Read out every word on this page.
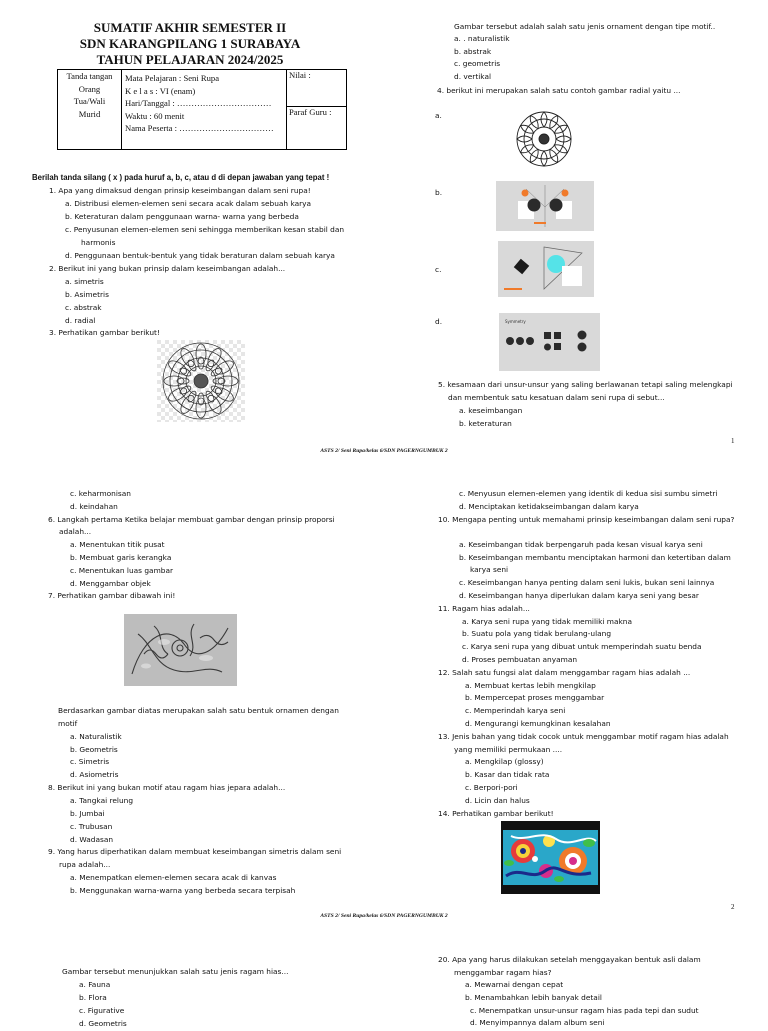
SUMATIF AKHIR SEMESTER II
SDN KARANGPILANG 1 SURABAYA
TAHUN PELAJARAN 2024/2025
Tanda tangan
Orang
Tua/Wali
Murid

Mata Pelajaran : Seni Rupa
K e l a s : VI (enam)
Hari/Tanggal : ……………………………
Waktu : 60 menit
Nama Peserta : ……………………………
	Nilai :
Paraf Guru :
Berilah tanda silang ( x ) pada huruf a, b, c, atau d di depan jawaban yang tepat !
1. Apa yang dimaksud dengan prinsip keseimbangan dalam seni rupa!
a. Distribusi elemen-elemen seni secara acak dalam sebuah karya
b. Keteraturan dalam penggunaan warna- warna yang berbeda
c. Penyusunan elemen-elemen seni sehingga memberikan kesan stabil dan
harmonis
d. Penggunaan bentuk-bentuk yang tidak beraturan dalam sebuah karya
2. Berikut ini yang bukan prinsip dalam keseimbangan adalah...
a. simetris
b. Asimetris
c. abstrak
d. radial
3. Perhatikan gambar berikut!
Gambar tersebut adalah salah satu jenis ornament dengan tipe motif..
a. . naturalistik
b. abstrak
c. geometris
d. vertikal
4. berikut ini merupakan salah satu contoh gambar radial yaitu ...
a.
b.
c.
d.	Symmetry
5. kesamaan dari unsur-unsur yang saling berlawanan tetapi saling melengkapi
dan membentuk satu kesatuan dalam seni rupa di sebut...
a. keseimbangan
b. keteraturan
1
ASTS 2/ Seni Rupa/kelas 6/SDN PAGERNGUMBUK 2
c. keharmonisan
d. keindahan
6. Langkah pertama Ketika belajar membuat gambar dengan prinsip proporsi
adalah...
a. Menentukan titik pusat
b. Membuat garis kerangka
c. Menentukan luas gambar
d. Menggambar objek
7. Perhatikan gambar dibawah ini!
Berdasarkan gambar diatas merupakan salah satu bentuk ornamen dengan
motif
a. Naturalistik
b. Geometris
c. Simetris
d. Asiometris
8. Berikut ini yang bukan motif atau ragam hias jepara adalah...
a. Tangkai relung
b. Jumbai
c. Trubusan
d. Wadasan
9. Yang harus diperhatikan dalam membuat keseimbangan simetris dalam seni
rupa adalah...
a. Menempatkan elemen-elemen secara acak di kanvas
b. Menggunakan warna-warna yang berbeda secara terpisah
c. Menyusun elemen-elemen yang identik di kedua sisi sumbu simetri
d. Menciptakan ketidakseimbangan dalam karya
10. Mengapa penting untuk memahami prinsip keseimbangan dalam seni rupa?
a. Keseimbangan tidak berpengaruh pada kesan visual karya seni
b. Keseimbangan membantu menciptakan harmoni dan ketertiban dalam
karya seni
c. Keseimbangan hanya penting dalam seni lukis, bukan seni lainnya
d. Keseimbangan hanya diperlukan dalam karya seni yang besar
11. Ragam hias adalah...
a. Karya seni rupa yang tidak memiliki makna
b. Suatu pola yang tidak berulang-ulang
c. Karya seni rupa yang dibuat untuk memperindah suatu benda
d. Proses pembuatan anyaman
12. Salah satu fungsi alat dalam menggambar ragam hias adalah ...
a. Membuat kertas lebih mengkilap
b. Mempercepat proses menggambar
c. Memperindah karya seni
d. Mengurangi kemungkinan kesalahan
13. Jenis bahan yang tidak cocok untuk menggambar motif ragam hias adalah
yang memiliki permukaan ....
a. Mengkilap (glossy)
b. Kasar dan tidak rata
c. Berpori-pori
d. Licin dan halus
14. Perhatikan gambar berikut!
2
ASTS 2/ Seni Rupa/kelas 6/SDN PAGERNGUMBUK 2
Gambar tersebut menunjukkan salah satu jenis ragam hias...
a. Fauna
b. Flora
c. Figurative
d. Geometris
20. Apa yang harus dilakukan setelah menggayakan bentuk asli dalam
menggambar ragam hias?
a. Mewarnai dengan cepat
b. Menambahkan lebih banyak detail
c. Menempatkan unsur-unsur ragam hias pada tepi dan sudut
d. Menyimpannya dalam album seni
